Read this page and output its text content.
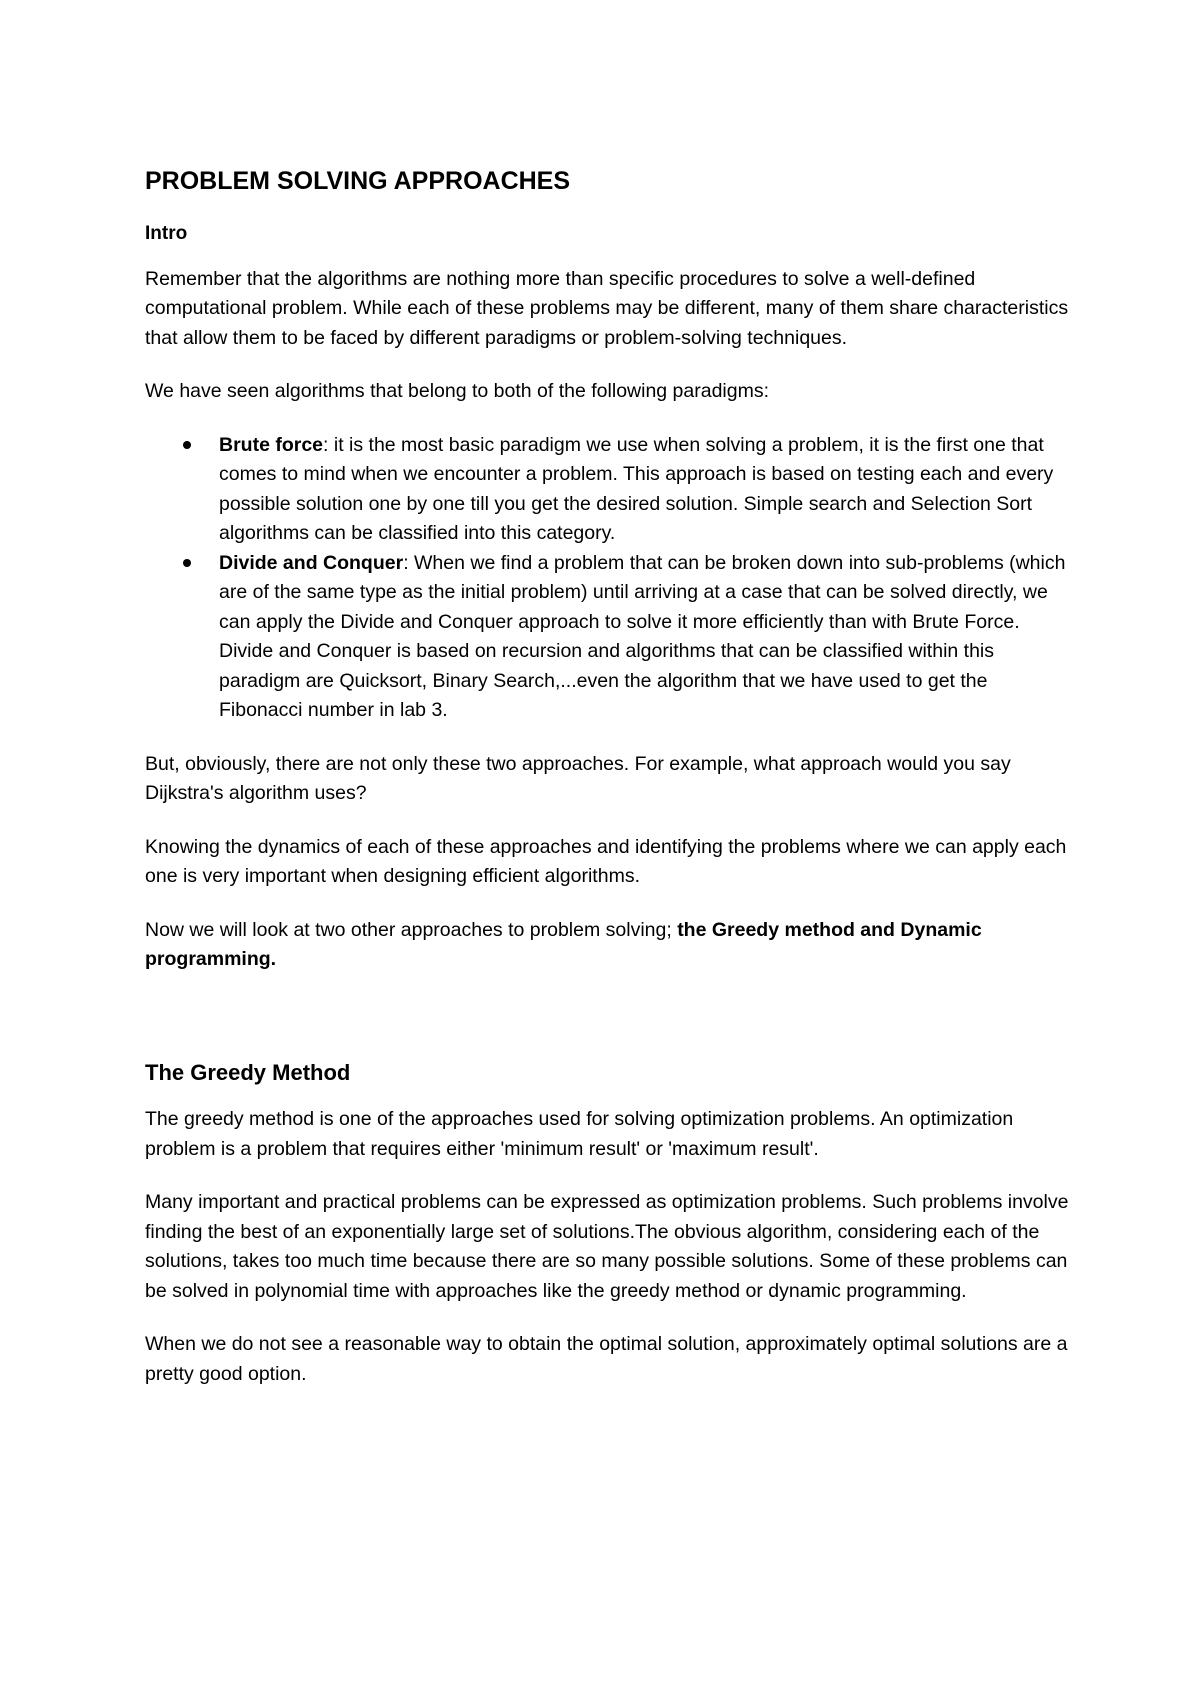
PROBLEM SOLVING APPROACHES
Intro

Remember that the algorithms are nothing more than specific procedures to solve a well-defined computational problem. While each of these problems may be different, many of them share characteristics that allow them to be faced by different paradigms or problem-solving techniques.

We have seen algorithms that belong to both of the following paradigms:

Brute force: it is the most basic paradigm we use when solving a problem, it is the first one that comes to mind when we encounter a problem. This approach is based on testing each and every possible solution one by one till you get the desired solution. Simple search and Selection Sort algorithms can be classified into this category.
Divide and Conquer: When we find a problem that can be broken down into sub-problems (which are of the same type as the initial problem) until arriving at a case that can be solved directly, we can apply the Divide and Conquer approach to solve it more efficiently than with Brute Force. Divide and Conquer is based on recursion and algorithms that can be classified within this paradigm are Quicksort, Binary Search,...even the algorithm that we have used to get the Fibonacci number in lab 3.

But, obviously, there are not only these two approaches. For example, what approach would you say Dijkstra's algorithm uses?

Knowing the dynamics of each of these approaches and identifying the problems where we can apply each one is very important when designing efficient algorithms.

Now we will look at two other approaches to problem solving; the Greedy method and Dynamic programming.

The Greedy Method

The greedy method is one of the approaches used for solving optimization problems. An optimization problem is a problem that requires either 'minimum result' or 'maximum result'.

Many important and practical problems can be expressed as optimization problems. Such problems involve finding the best of an exponentially large set of solutions.The obvious algorithm, considering each of the solutions, takes too much time because there are so many possible solutions. Some of these problems can be solved in polynomial time with approaches like the greedy method or dynamic programming.

When we do not see a reasonable way to obtain the optimal solution, approximately optimal solutions are a pretty good option.
